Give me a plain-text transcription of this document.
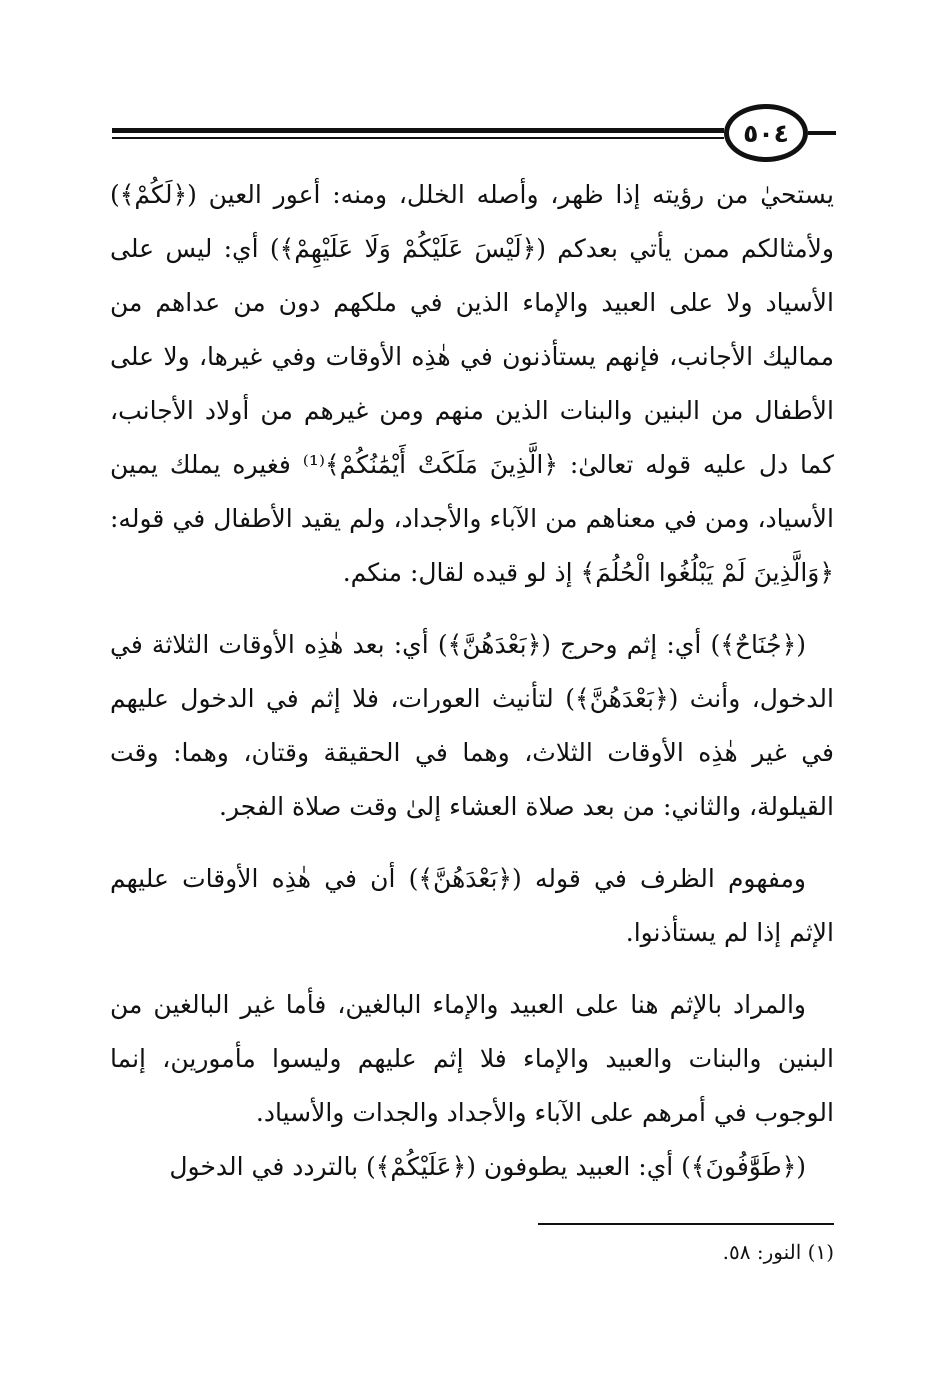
٥٠٤

يستحيٰ من رؤيته إذا ظهر، وأصله الخلل، ومنه: أعور العين (﴿لَكُمْ﴾) ولأمثالكم ممن يأتي بعدكم (﴿لَيْسَ عَلَيْكُمْ وَلَا عَلَيْهِمْ﴾) أي: ليس على الأسياد ولا على العبيد والإماء الذين في ملكهم دون من عداهم من مماليك الأجانب، فإنهم يستأذنون في هٰذِه الأوقات وفي غيرها، ولا على الأطفال من البنين والبنات الذين منهم ومن غيرهم من أولاد الأجانب، كما دل عليه قوله تعالىٰ: ﴿الَّذِينَ مَلَكَتْ أَيْمَٰنُكُمْ﴾⁽¹⁾ فغيره يملك يمين الأسياد، ومن في معناهم من الآباء والأجداد، ولم يقيد الأطفال في قوله: ﴿وَالَّذِينَ لَمْ يَبْلُغُوا الْحُلُمَ﴾ إذ لو قيده لقال: منكم.

(﴿جُنَاحٌ﴾) أي: إثم وحرج (﴿بَعْدَهُنَّ﴾) أي: بعد هٰذِه الأوقات الثلاثة في الدخول، وأنث (﴿بَعْدَهُنَّ﴾) لتأنيث العورات، فلا إثم في الدخول عليهم في غير هٰذِه الأوقات الثلاث، وهما في الحقيقة وقتان، وهما: وقت القيلولة، والثاني: من بعد صلاة العشاء إلىٰ وقت صلاة الفجر.

ومفهوم الظرف في قوله (﴿بَعْدَهُنَّ﴾) أن في هٰذِه الأوقات عليهم الإثم إذا لم يستأذنوا.

والمراد بالإثم هنا على العبيد والإماء البالغين، فأما غير البالغين من البنين والبنات والعبيد والإماء فلا إثم عليهم وليسوا مأمورين، إنما الوجوب في أمرهم على الآباء والأجداد والجدات والأسياد.

(﴿طَوَّٰفُونَ﴾) أي: العبيد يطوفون (﴿عَلَيْكُمْ﴾) بالتردد في الدخول

(١) النور: ٥٨.
